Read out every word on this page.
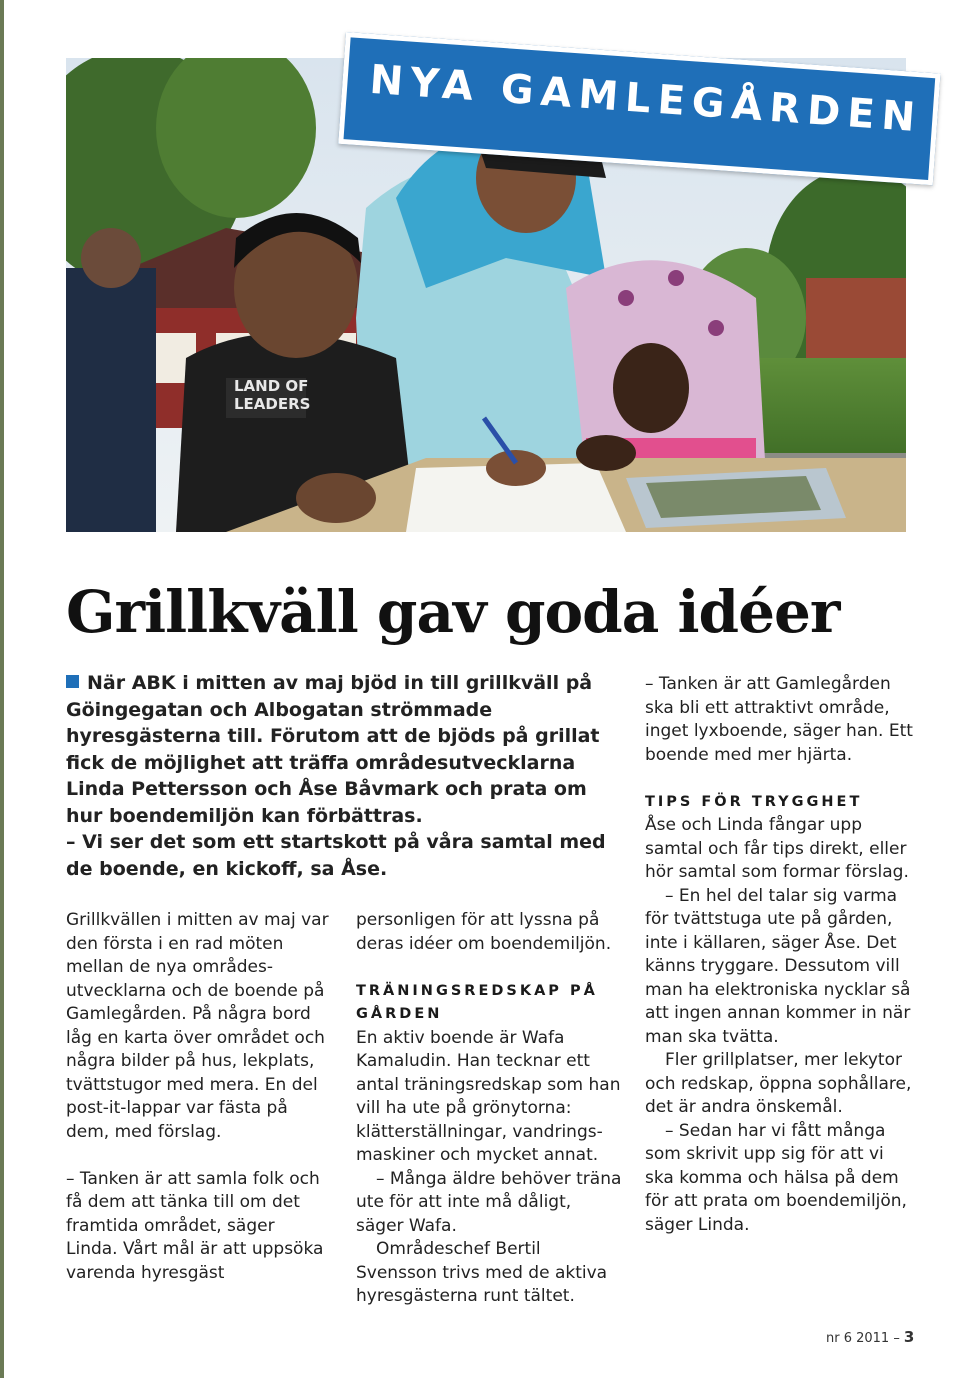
LAND OF
LEADERS
NYA GAMLEGÅRDEN
Grillkväll gav goda idéer

När ABK i mitten av maj bjöd in till grillkväll på Göingegatan och Albogatan strömmade hyresgästerna till. Förutom att de bjöds på grillat fick de möjlighet att träffa områdesutvecklarna Linda Pettersson och Åse Båvmark och prata om hur boendemiljön kan förbättras.

– Vi ser det som ett startskott på våra samtal med de boende, en kickoff, sa Åse.

Grillkvällen i mitten av maj var den första i en rad möten mellan de nya områdesutvecklarna och de boende på Gamlegården. På några bord låg en karta över området och några bilder på hus, lekplats, tvättstugor med mera. En del post-it-lappar var fästa på dem, med förslag.

– Tanken är att samla folk och få dem att tänka till om det framtida området, säger Linda. Vårt mål är att uppsöka varenda hyresgäst

personligen för att lyssna på deras idéer om boendemiljön.

TRÄNINGSREDSKAP PÅ GÅRDEN

En aktiv boende är Wafa Kamaludin. Han tecknar ett antal träningsredskap som han vill ha ute på grönytorna: klätterställningar, vandringsmaskiner och mycket annat.

– Många äldre behöver träna ute för att inte må dåligt, säger Wafa.

Områdeschef Bertil Svensson trivs med de aktiva hyresgästerna runt tältet.

– Tanken är att Gamlegården ska bli ett attraktivt område, inget lyxboende, säger han. Ett boende med mer hjärta.

TIPS FÖR TRYGGHET

Åse och Linda fångar upp samtal och får tips direkt, eller hör samtal som formar förslag.

– En hel del talar sig varma för tvättstuga ute på gården, inte i källaren, säger Åse. Det känns tryggare. Dessutom vill man ha elektroniska nycklar så att ingen annan kommer in när man ska tvätta.

Fler grillplatser, mer lekytor och redskap, öppna sophållare, det är andra önskemål.

– Sedan har vi fått många som skrivit upp sig för att vi ska komma och hälsa på dem för att prata om boendemiljön, säger Linda.

nr 6 2011 – 3
